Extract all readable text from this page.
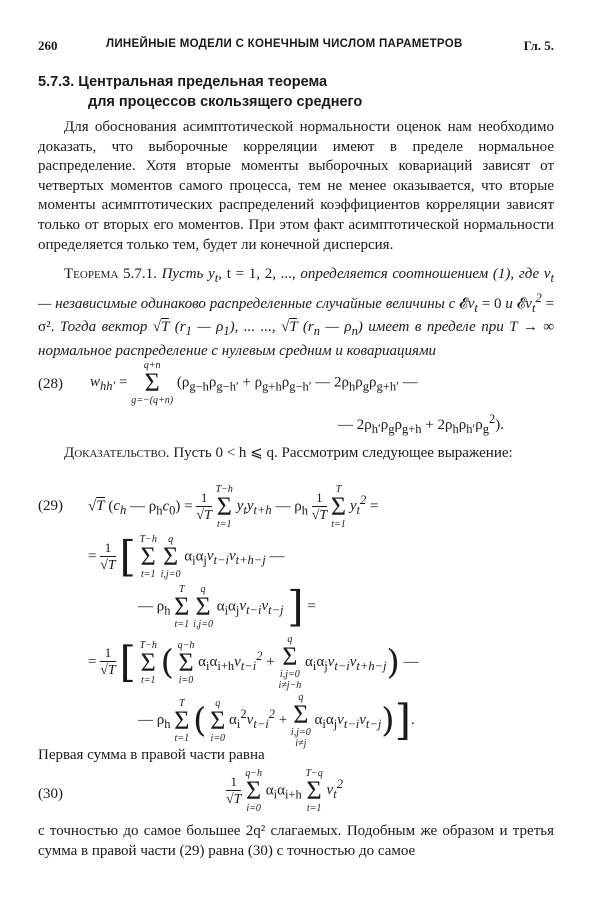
260	ЛИНЕЙНЫЕ МОДЕЛИ С КОНЕЧНЫМ ЧИСЛОМ ПАРАМЕТРОВ	Гл. 5.
5.7.3. Центральная предельная теорема
для процессов скользящего среднего

Для обоснования асимптотической нормальности оценок нам необходимо доказать, что выборочные корреляции имеют в пределе нормальное распределение. Хотя вторые моменты выборочных ковариаций зависят от четвертых моментов самого процесса, тем не менее оказывается, что вторые моменты асимптотических распределений коэффициентов корреляции зависят только от вторых его моментов. При этом факт асимптотической нормальности определяется только тем, будет ли конечной дисперсия.

Теорема 5.7.1. Пусть $y_t$, t = 1, 2, ..., определяется соотношением (1), где $v_t$ — независимые одинаково распределенные случайные величины с 𝓔v$_t$ = 0 и 𝓔v$_t^2$ = σ². Тогда вектор √T ($r_1$ — $\rho_1$), ... ..., √T ($r_n$ — $\rho_n$) имеет в пределе при T → ∞ нормальное распределение с нулевым средним и ковариациями

(28) $w_{hh'}$ =
q+n
Σ
g=−(q+n)
($\rho_{g-h}\rho_{g-h'} + \rho_{g+h}\rho_{g-h'}$ — $2\rho_h\rho_g\rho_{g+h'}$ —
— $2\rho_{h'}\rho_g\rho_{g+h} + 2\rho_h\rho_{h'}\rho_g^2$).

Доказательство. Пусть 0 < h ⩽ q. Рассмотрим следующее выражение:

(29) √T ($c_h$ — $\rho_hc_0) = \frac{1}{√T}$
T−h
Σ
t=1
$y_ty_{t+h}$ — $\rho_h \frac{1}{√T}$
T
Σ
t=1
$y_t^2$ =
= $\frac{1}{√T}$ [ T−h
Σ
t=1

q
Σ
i,j=0
$\alpha_i\alpha_jv_{t-i}v_{t+h-j}$ —
— $\rho_h$
T
Σ
t=1

q
Σ
i,j=0
$\alpha_i\alpha_jv_{t-i}v_{t-j}$ ] =
= $\frac{1}{√T}$ [ T−h
Σ
t=1 ( q−h
Σ
i=0
$\alpha_i\alpha_{i+h}v_{t-i}^2$ +
q
Σ
i,j=0
i≠j−h
$\alpha_i\alpha_jv_{t-i}v_{t+h-j}$) —
— $\rho_h$
T
Σ
t=1 ( q
Σ
i=0
$\alpha_i^2v_{t-i}^2$ +
q
Σ
i,j=0
i≠j
$\alpha_i\alpha_jv_{t-i}v_{t-j}$)].

Первая сумма в правой части равна

(30)	$\frac{1}{√T}$
q−h
Σ
i=0
$\alpha_i\alpha_{i+h}$
T−q
Σ
t=1
$v_t^2$

с точностью до самое большее 2q² слагаемых. Подобным же образом и третья сумма в правой части (29) равна (30) с точностью до самое
